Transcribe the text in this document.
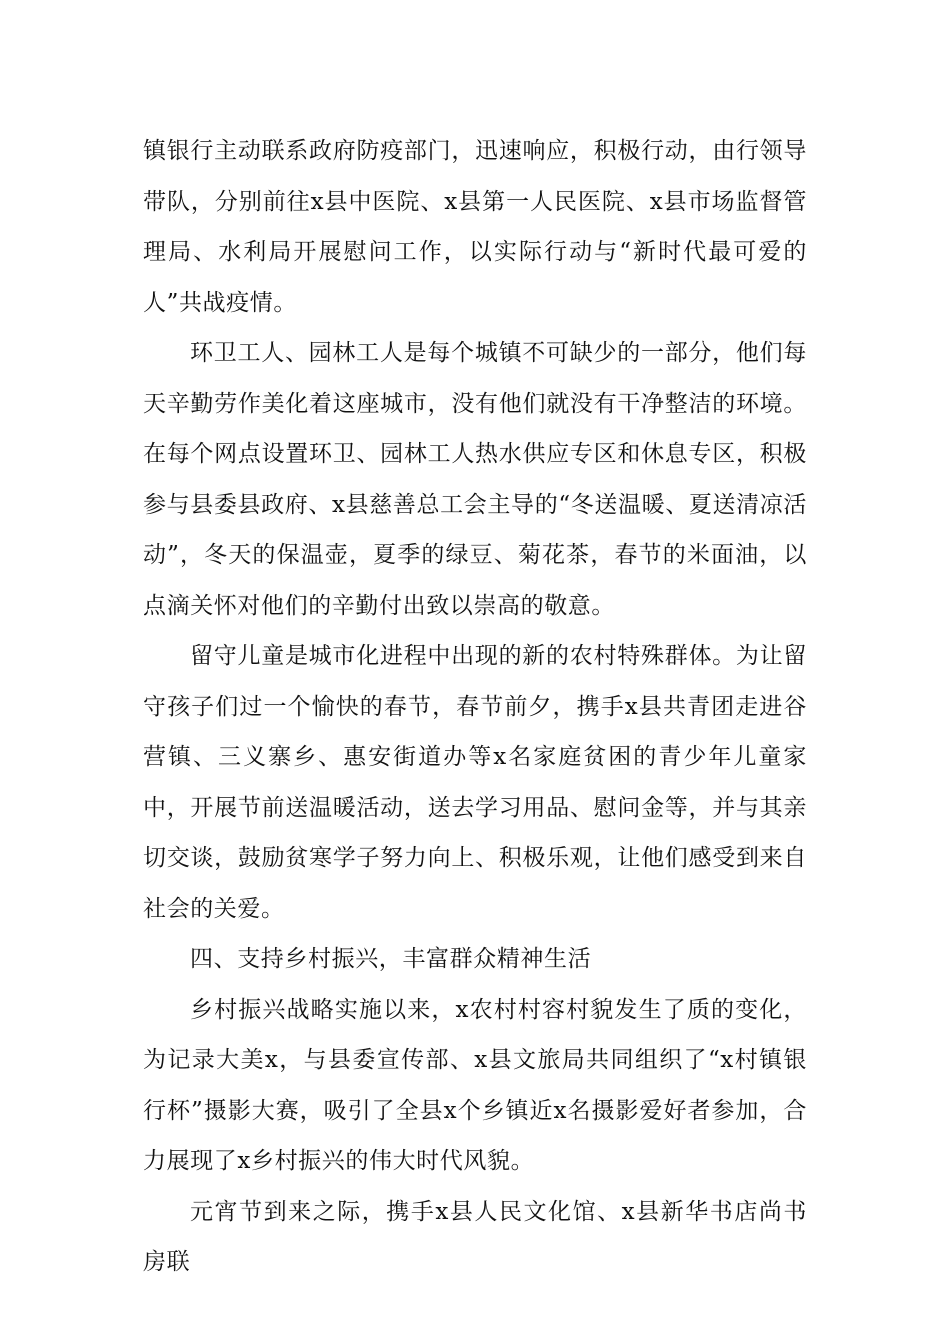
镇银行主动联系政府防疫部门，迅速响应，积极行动，由行领导带队，分别前往x县中医院、x县第一人民医院、x县市场监督管理局、水利局开展慰问工作，以实际行动与“新时代最可爱的人”共战疫情。

环卫工人、园林工人是每个城镇不可缺少的一部分，他们每天辛勤劳作美化着这座城市，没有他们就没有干净整洁的环境。在每个网点设置环卫、园林工人热水供应专区和休息专区，积极参与县委县政府、x县慈善总工会主导的“冬送温暖、夏送清凉活动”，冬天的保温壶，夏季的绿豆、菊花茶，春节的米面油，以点滴关怀对他们的辛勤付出致以崇高的敬意。

留守儿童是城市化进程中出现的新的农村特殊群体。为让留守孩子们过一个愉快的春节，春节前夕，携手x县共青团走进谷营镇、三义寨乡、惠安街道办等x名家庭贫困的青少年儿童家中，开展节前送温暖活动，送去学习用品、慰问金等，并与其亲切交谈，鼓励贫寒学子努力向上、积极乐观，让他们感受到来自社会的关爱。

四、支持乡村振兴，丰富群众精神生活

乡村振兴战略实施以来，x农村村容村貌发生了质的变化，为记录大美x，与县委宣传部、x县文旅局共同组织了“x村镇银行杯”摄影大赛，吸引了全县x个乡镇近x名摄影爱好者参加，合力展现了x乡村振兴的伟大时代风貌。

元宵节到来之际，携手x县人民文化馆、x县新华书店尚书房联
